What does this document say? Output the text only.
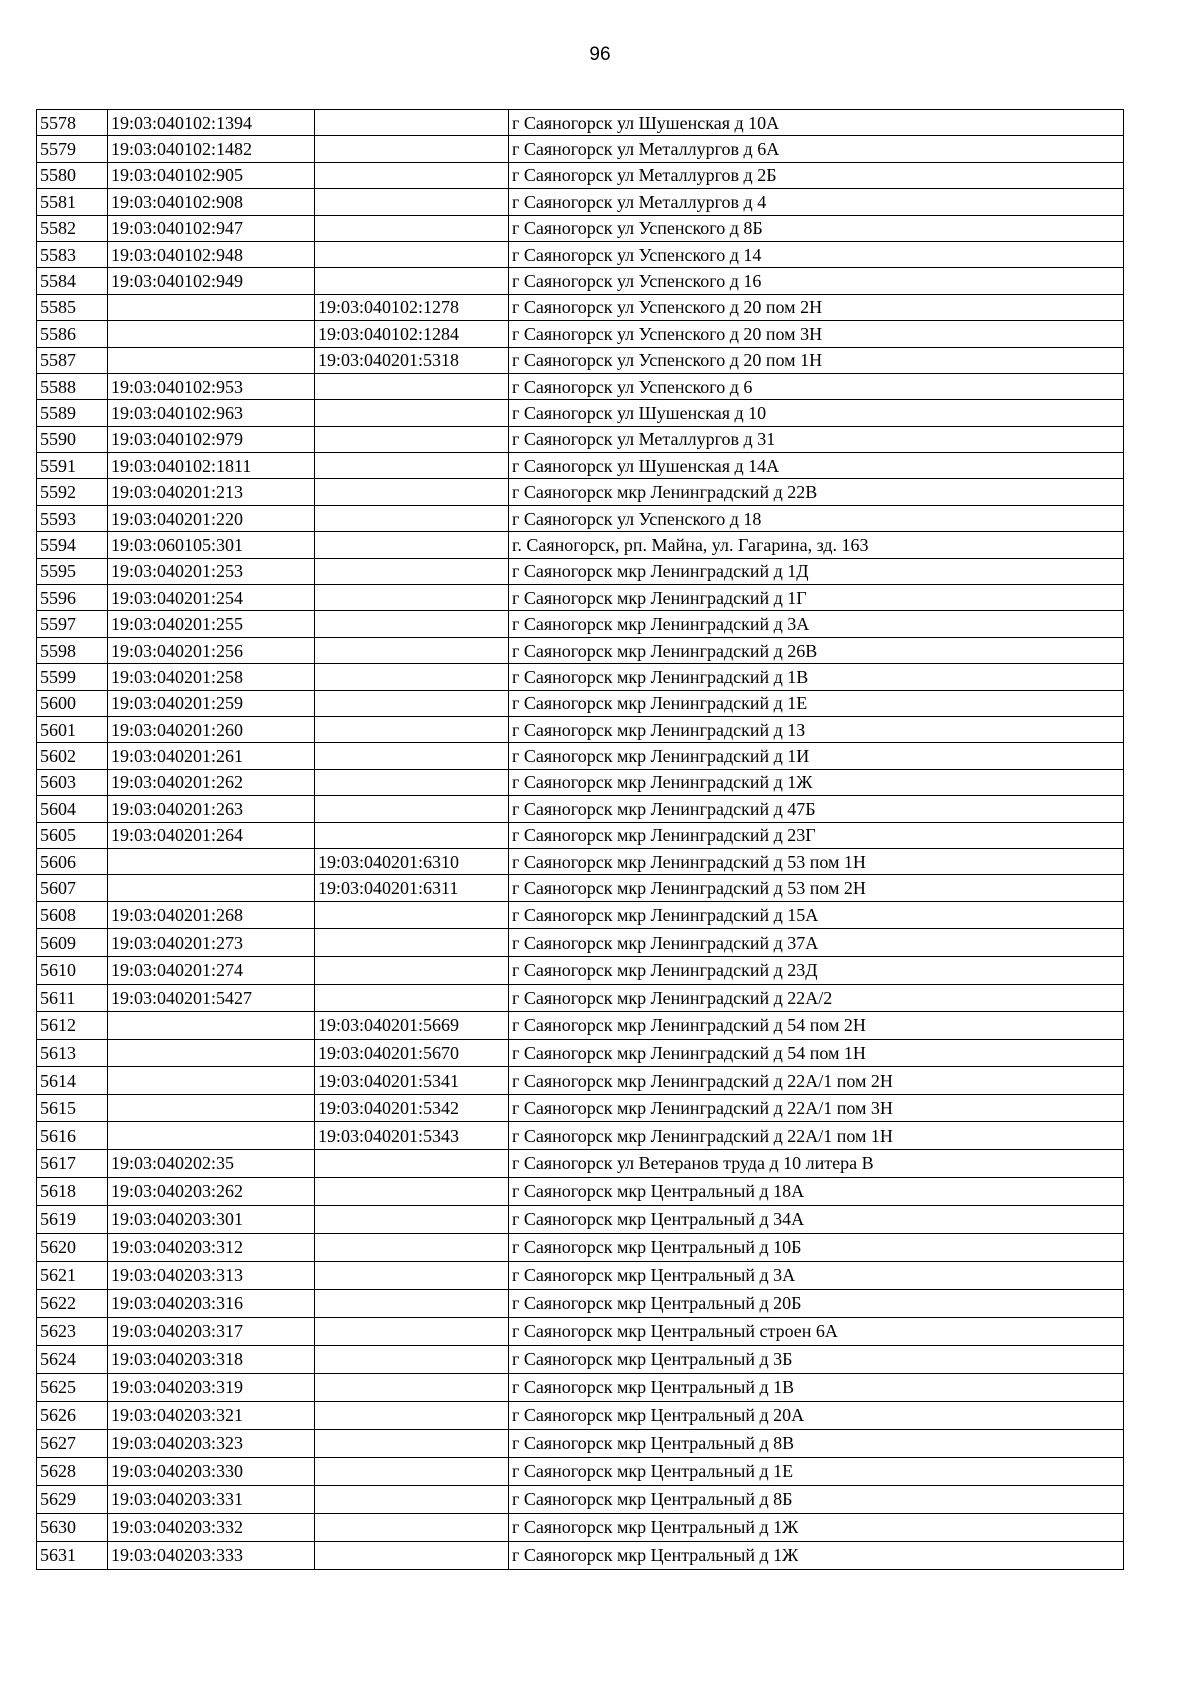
96
5578	19:03:040102:1394		г Саяногорск ул Шушенская д 10А
5579	19:03:040102:1482		г Саяногорск ул Металлургов д 6А
5580	19:03:040102:905		г Саяногорск ул Металлургов д 2Б
5581	19:03:040102:908		г Саяногорск ул Металлургов д 4
5582	19:03:040102:947		г Саяногорск ул Успенского д 8Б
5583	19:03:040102:948		г Саяногорск ул Успенского д 14
5584	19:03:040102:949		г Саяногорск ул Успенского д 16
5585		19:03:040102:1278	г Саяногорск ул Успенского д 20 пом 2Н
5586		19:03:040102:1284	г Саяногорск ул Успенского д 20 пом 3Н
5587		19:03:040201:5318	г Саяногорск ул Успенского д 20 пом 1Н
5588	19:03:040102:953		г Саяногорск ул Успенского д 6
5589	19:03:040102:963		г Саяногорск ул Шушенская д 10
5590	19:03:040102:979		г Саяногорск ул Металлургов д 31
5591	19:03:040102:1811		г Саяногорск ул Шушенская д 14А
5592	19:03:040201:213		г Саяногорск мкр Ленинградский д 22В
5593	19:03:040201:220		г Саяногорск ул Успенского д 18
5594	19:03:060105:301		г. Саяногорск, рп. Майна, ул. Гагарина, зд. 163
5595	19:03:040201:253		г Саяногорск мкр Ленинградский д 1Д
5596	19:03:040201:254		г Саяногорск мкр Ленинградский д 1Г
5597	19:03:040201:255		г Саяногорск мкр Ленинградский д 3А
5598	19:03:040201:256		г Саяногорск мкр Ленинградский д 26В
5599	19:03:040201:258		г Саяногорск мкр Ленинградский д 1В
5600	19:03:040201:259		г Саяногорск мкр Ленинградский д 1Е
5601	19:03:040201:260		г Саяногорск мкр Ленинградский д 1З
5602	19:03:040201:261		г Саяногорск мкр Ленинградский д 1И
5603	19:03:040201:262		г Саяногорск мкр Ленинградский д 1Ж
5604	19:03:040201:263		г Саяногорск мкр Ленинградский д 47Б
5605	19:03:040201:264		г Саяногорск мкр Ленинградский д 23Г
5606		19:03:040201:6310	г Саяногорск мкр Ленинградский д 53 пом 1Н
5607		19:03:040201:6311	г Саяногорск мкр Ленинградский д 53 пом 2Н
5608	19:03:040201:268		г Саяногорск мкр Ленинградский д 15А
5609	19:03:040201:273		г Саяногорск мкр Ленинградский д 37А
5610	19:03:040201:274		г Саяногорск мкр Ленинградский д 23Д
5611	19:03:040201:5427		г Саяногорск мкр Ленинградский д 22А/2
5612		19:03:040201:5669	г Саяногорск мкр Ленинградский д 54 пом 2Н
5613		19:03:040201:5670	г Саяногорск мкр Ленинградский д 54 пом 1Н
5614		19:03:040201:5341	г Саяногорск мкр Ленинградский д 22А/1 пом 2Н
5615		19:03:040201:5342	г Саяногорск мкр Ленинградский д 22А/1 пом 3Н
5616		19:03:040201:5343	г Саяногорск мкр Ленинградский д 22А/1 пом 1Н
5617	19:03:040202:35		г Саяногорск ул Ветеранов труда д 10 литера В
5618	19:03:040203:262		г Саяногорск мкр Центральный д 18А
5619	19:03:040203:301		г Саяногорск мкр Центральный д 34А
5620	19:03:040203:312		г Саяногорск мкр Центральный д 10Б
5621	19:03:040203:313		г Саяногорск мкр Центральный д 3А
5622	19:03:040203:316		г Саяногорск мкр Центральный д 20Б
5623	19:03:040203:317		г Саяногорск мкр Центральный строен 6А
5624	19:03:040203:318		г Саяногорск мкр Центральный д 3Б
5625	19:03:040203:319		г Саяногорск мкр Центральный д 1В
5626	19:03:040203:321		г Саяногорск мкр Центральный д 20А
5627	19:03:040203:323		г Саяногорск мкр Центральный д 8В
5628	19:03:040203:330		г Саяногорск мкр Центральный д 1Е
5629	19:03:040203:331		г Саяногорск мкр Центральный д 8Б
5630	19:03:040203:332		г Саяногорск мкр Центральный д 1Ж
5631	19:03:040203:333		г Саяногорск мкр Центральный д 1Ж
